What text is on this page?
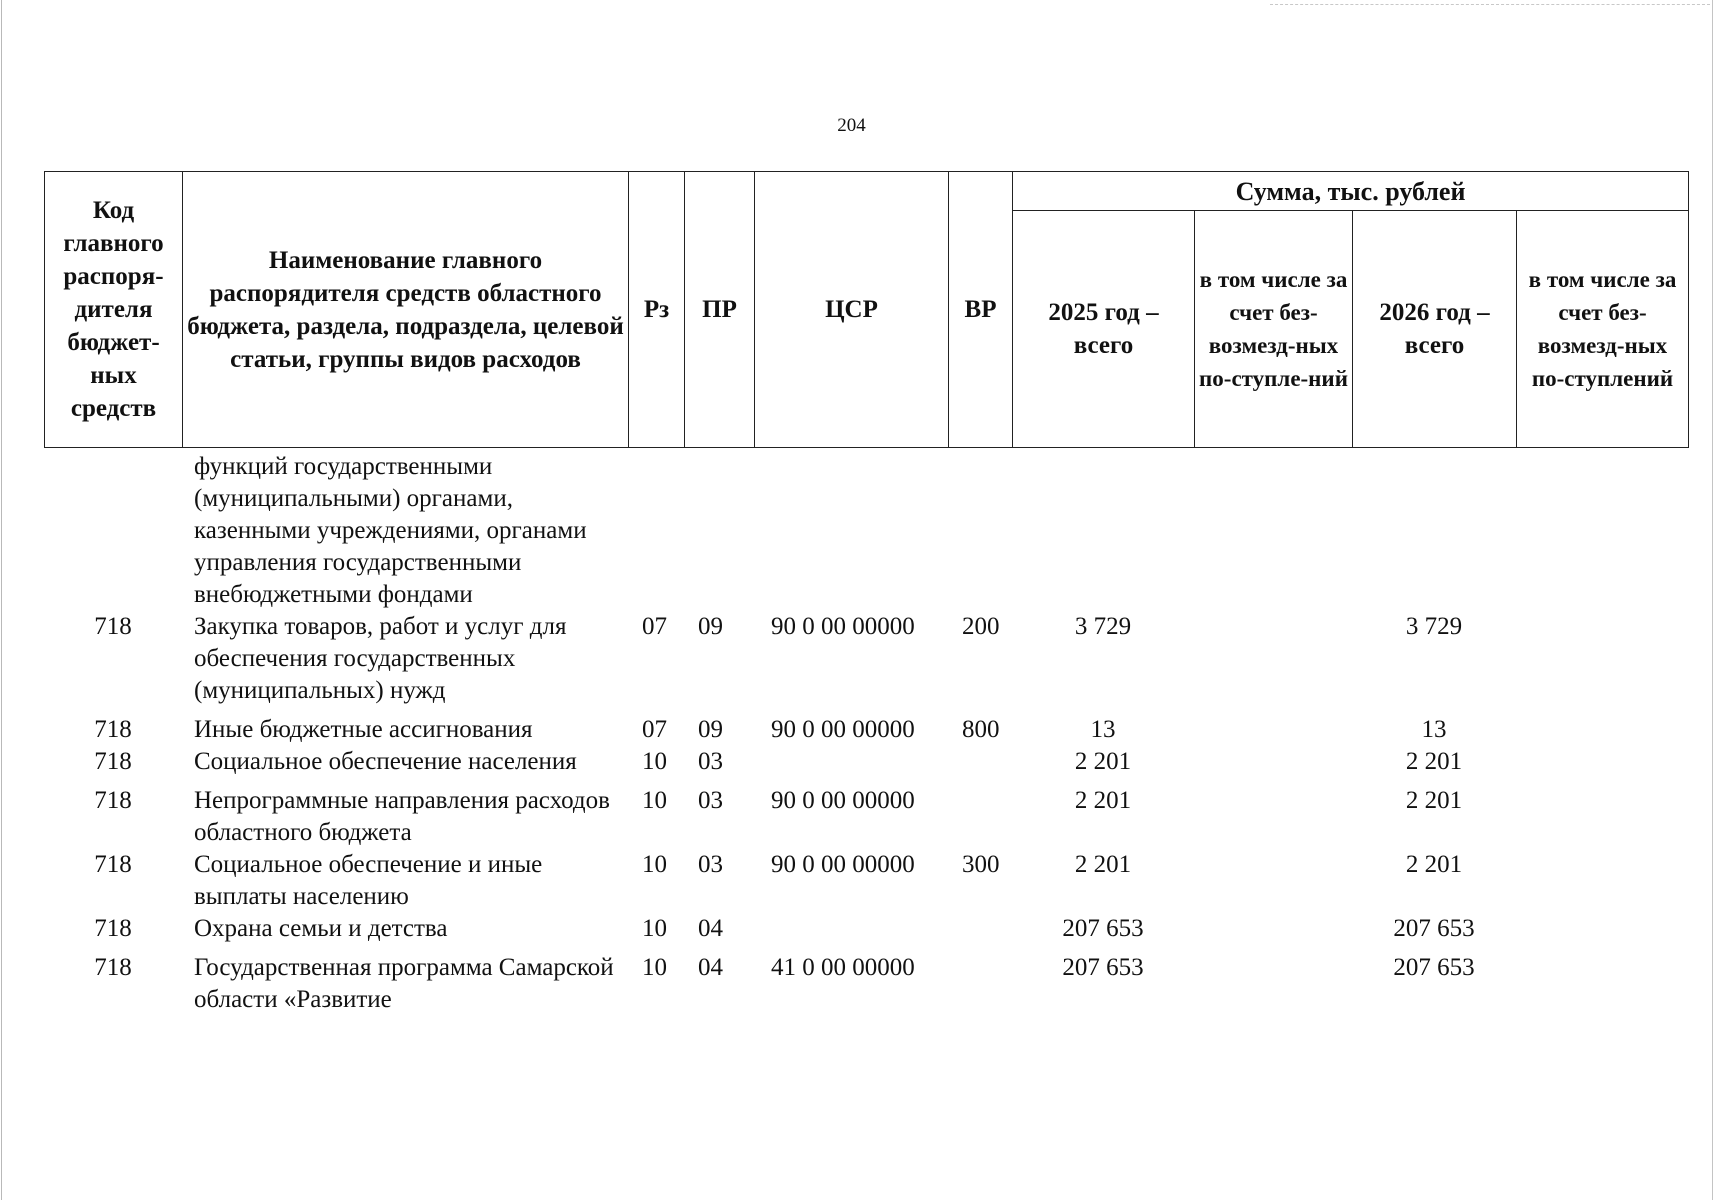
204
Код главного распоря-дителя бюджет-ных средств	Наименование главного распорядителя средств областного бюджета, раздела, подраздела, целевой статьи, группы видов расходов	Рз	ПР	ЦСР	ВР	Сумма, тыс. рублей			
						2025 год – всего	в том числе за счет без-возмезд-ных по-ступле-ний	2026 год – всего	в том числе за счет без-возмезд-ных по-ступлений
	функций государственными (муниципальными) органами, казенными учреждениями, органами управления государственными внебюджетными фондами								
718	Закупка товаров, работ и услуг для обеспечения государственных (муниципальных) нужд	07	09	90 0 00 00000	200	3 729		3 729	
718	Иные бюджетные ассигнования	07	09	90 0 00 00000	800	13		13	
718	Социальное обеспечение населения	10	03			2 201		2 201	
718	Непрограммные направления расходов областного бюджета	10	03	90 0 00 00000		2 201		2 201	
718	Социальное обеспечение и иные выплаты населению	10	03	90 0 00 00000	300	2 201		2 201	
718	Охрана семьи и детства	10	04			207 653		207 653	
718	Государственная программа Самарской области «Развитие	10	04	41 0 00 00000		207 653		207 653	
